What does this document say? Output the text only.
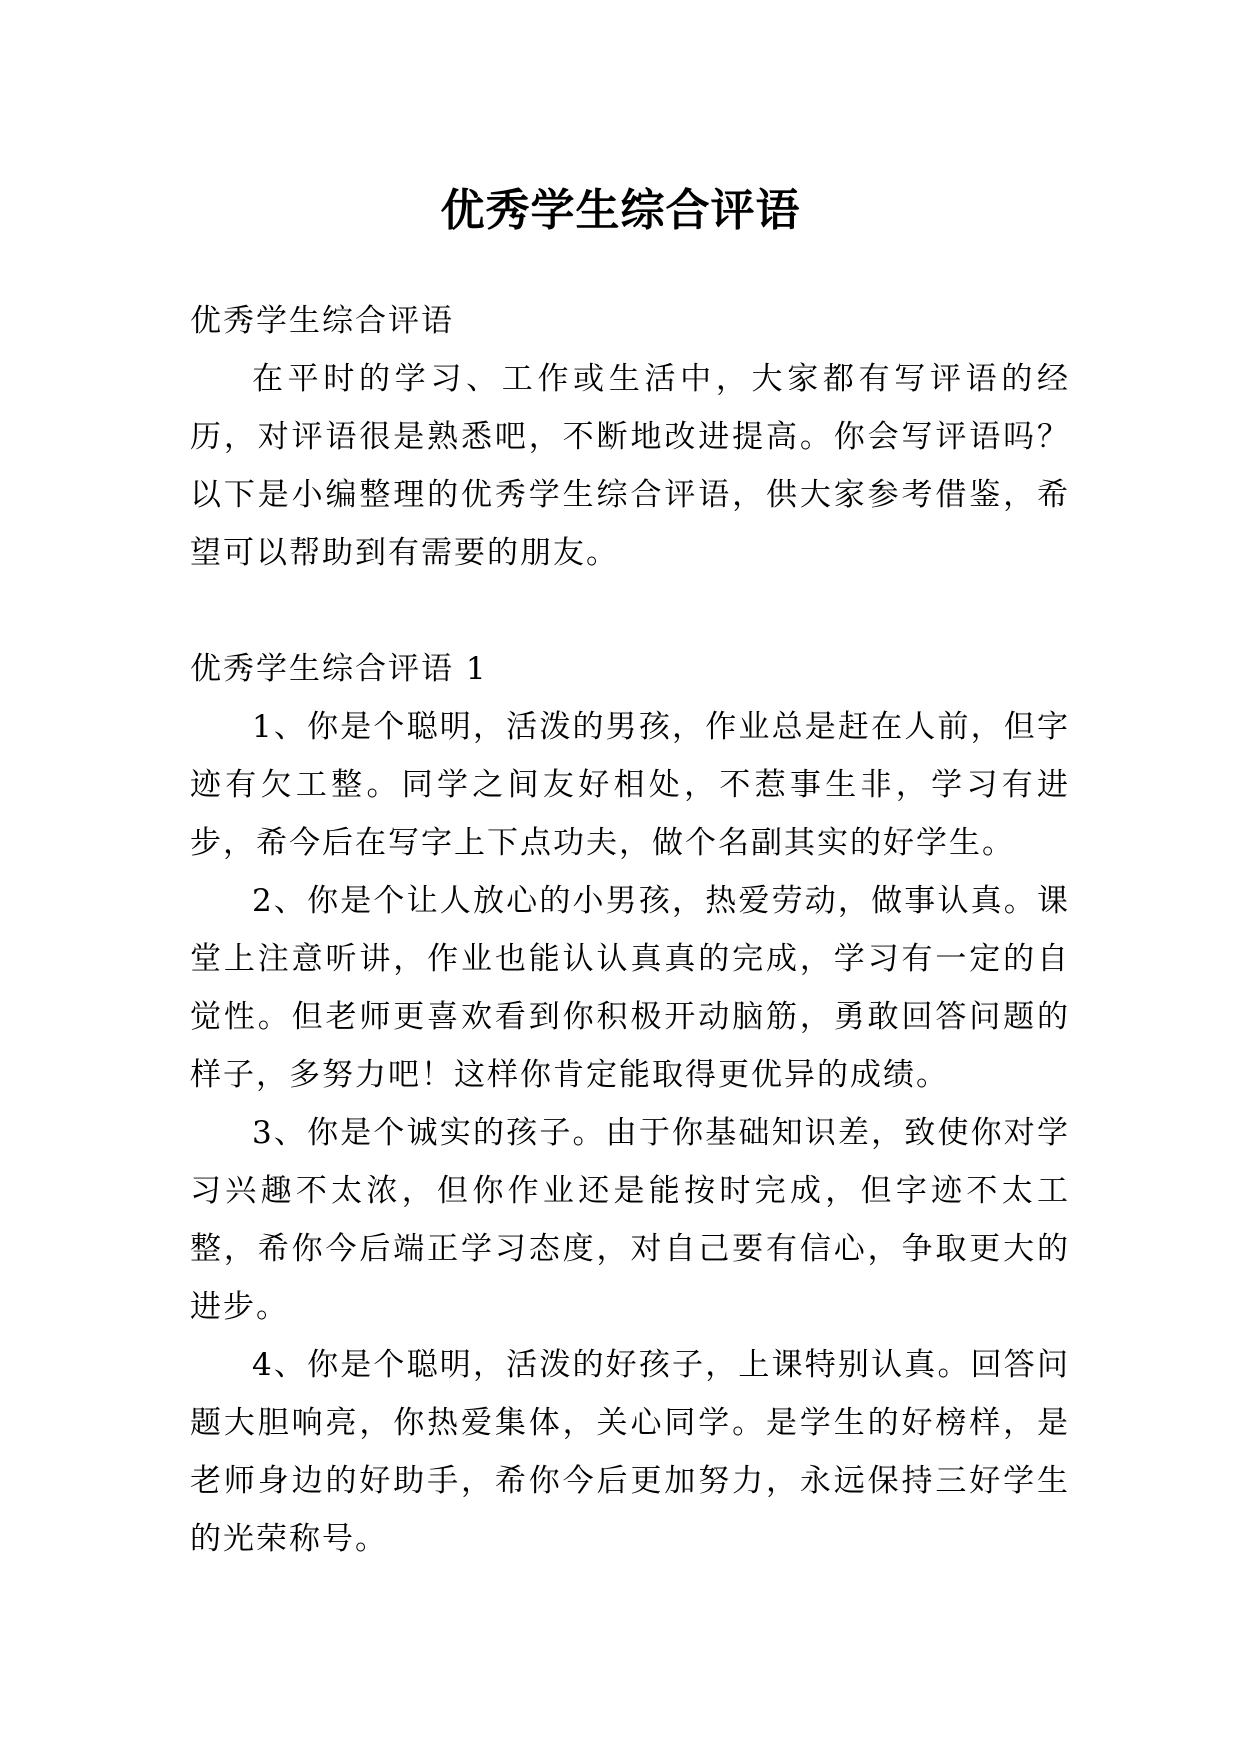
优秀学生综合评语

优秀学生综合评语

在平时的学习、工作或生活中，大家都有写评语的经历，对评语很是熟悉吧，不断地改进提高。你会写评语吗？以下是小编整理的优秀学生综合评语，供大家参考借鉴，希望可以帮助到有需要的朋友。

优秀学生综合评语 1

1、你是个聪明，活泼的男孩，作业总是赶在人前，但字迹有欠工整。同学之间友好相处，不惹事生非，学习有进步，希今后在写字上下点功夫，做个名副其实的好学生。

2、你是个让人放心的小男孩，热爱劳动，做事认真。课堂上注意听讲，作业也能认认真真的完成，学习有一定的自觉性。但老师更喜欢看到你积极开动脑筋，勇敢回答问题的样子，多努力吧！这样你肯定能取得更优异的成绩。

3、你是个诚实的孩子。由于你基础知识差，致使你对学习兴趣不太浓，但你作业还是能按时完成，但字迹不太工整，希你今后端正学习态度，对自己要有信心，争取更大的进步。

4、你是个聪明，活泼的好孩子，上课特别认真。回答问题大胆响亮，你热爱集体，关心同学。是学生的好榜样，是老师身边的好助手，希你今后更加努力，永远保持三好学生的光荣称号。
